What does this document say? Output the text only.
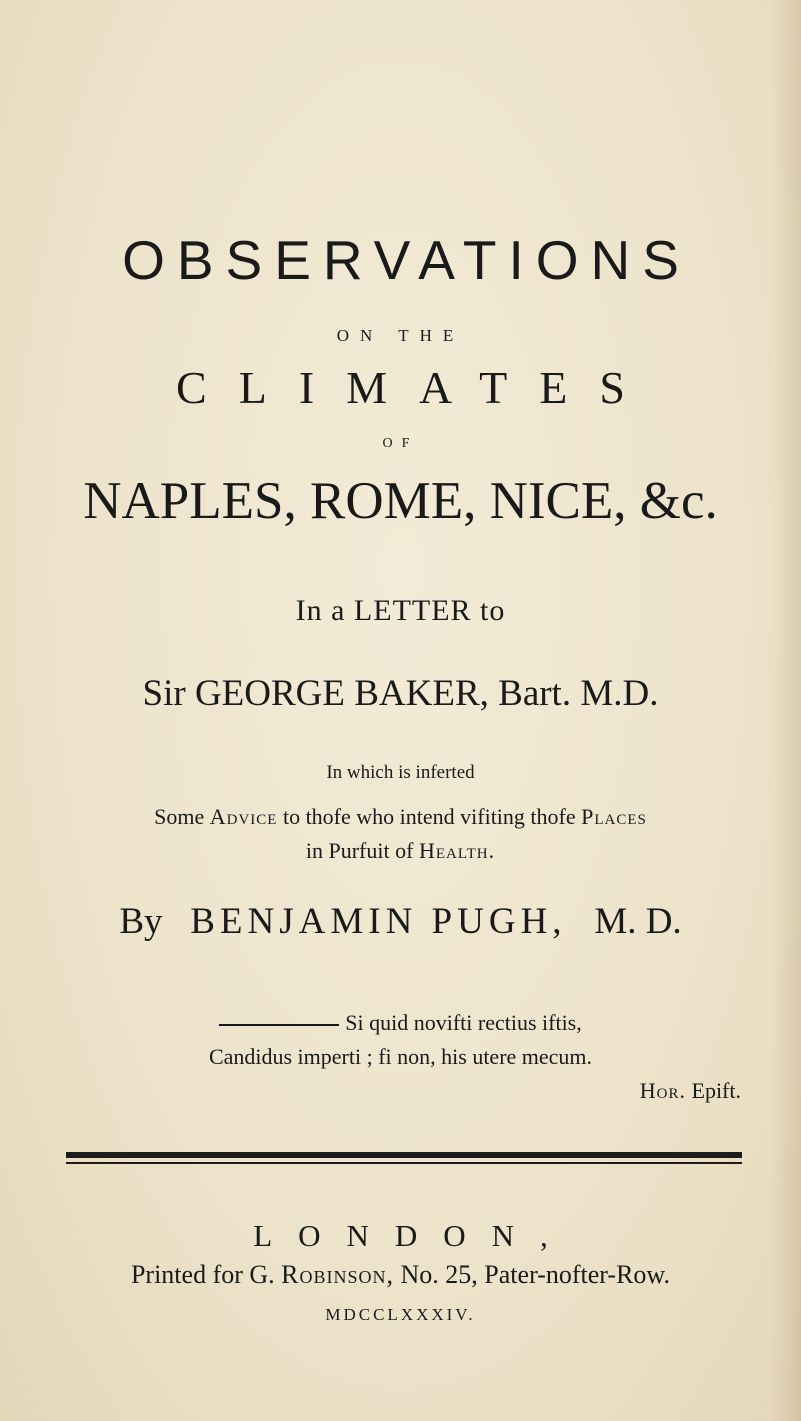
OBSERVATIONS
ON THE
CLIMATES
OF
NAPLES, ROME, NICE, &c.
In a LETTER to
Sir GEORGE BAKER, Bart. M.D.
In which is inferted
Some Advice to thofe who intend vifiting thofe Places
in Purfuit of Health.
By BENJAMIN PUGH, M. D.
Si quid novifti rectius iftis,
Candidus imperti ; fi non, his utere mecum.
Hor. Epift.
LONDON,
Printed for G. Robinson, No. 25, Pater-nofter-Row.
MDCCLXXXIV.
